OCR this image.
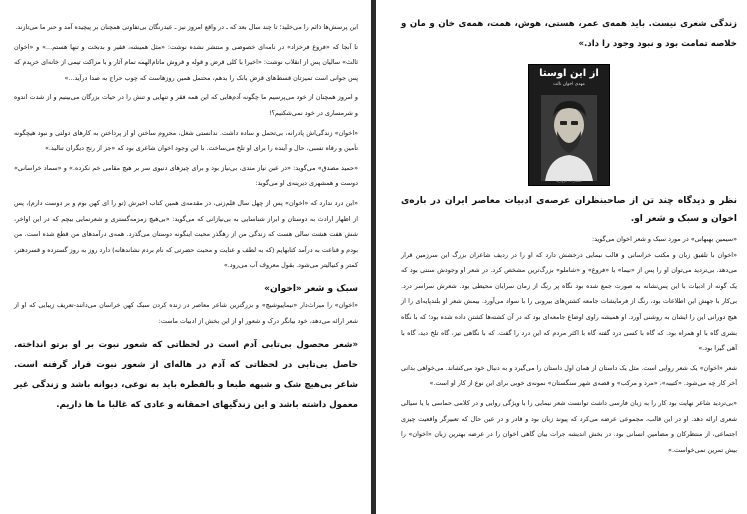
این پرسش‌ها ذائم را می‌خلید؛ تا چند سال بعد که ـ در واقع امروز نیز ـ عیدرنگان بی‌تفاوتی همچنان بر پیچیده آمد و حنر ما می‌تازند.

تا آنجا که «فروغ فرخزاد» در نامه‌ای خصوصی و منتشر نشده نوشت: «مثل همیشه، فقیر و بدبخت و تنها هستم...» و «اخوان ثالث» سالیان پس از انقلاب نوشت: «اخیرا با کلی قرض و قوله و قروش ماتام‌الهمه تمام آثار و با مزاکت تیمی از خانه‌ای خریدم که پس جوانی است تمیز‌تان قسط‌های قرض بانک را بدهم، محتمل همین روزهاست که چوب حراج به صدا درآید...»

و امروز همچنان از خود می‌پرسیم ما چگونه آدم‌هایی که این همه فقر و تنهایی و تنش را در حیات بزرگان می‌بینیم و از شدت اندوه و شرمساری در خود نمی‌شکنیم؟!

«اخوان» زندگی‌اش پادرانه، بی‌تحمل و ساده داشت. ندانستی شغل، محروم ساختن او از پرداختن به کارهای دولتی و نبود هیچگونه تأمین و رفاه نسبی، حال و آینده را برای او تلخ می‌ساخت. با این وجود اخوان شاعری بود که «جز از رنج دیگران تنالید.»

«حمید مصدق» می‌گوید: «در عین نیاز مندی، بی‌نیاز بود و برای چیزهای دنیوی سر بر هیچ مقامی خم نکرده.» و «سماد خراسانی» دوست و همشهری دیرینه‌ی او می‌گوید:

«این درد ندارد که «اخوان» پس از چهل سال قلم‌زنی، در مقدمه‌ی همین کتاب اخیرش (تو را ای کهن بوم و بر دوست دارم)، پس از اظهار ارادت به دوستان و ابراز شناسایی به بی‌نیازانی که می‌گوید: «بی‌هیچ زمزمه‌گستری و شعرنمایی بیچم که در این اواخر، شش هفت هشت سالی هست که زندگی من از رهگذر محبت اینگونه دوستان می‌گذرد. همه‌ی درآمدهای من قطع شده است. من بودم و قناعت به درآمد کتابهایم (که به لطف و عنایت و محبت حضرتی که نام بردم نشاندهانه) دارد روز به روز گسترده و قسردهتر، کمتر و کنیالیتر می‌شود. بقول معروف آب می‌رود.»

سبک و شعر «اخوان»

«اخوان» را میراث‌دار «نیماپیوشیچ» و بزرگترین شاعر معاصر در زنده کردن سبک کهن خراسان می‌دانند-تعریف زیبایی که او از شعر ارائه می‌دهد، خود بیانگر درک و شعور او از این بخش از ادبیات ماست:

«شعر محصول بی‌تابی آدم است در لحظاتی که شعور نبوت بر او برتو انداخته. حاصل بی‌تابی در لحظاتی که آدم در هاله‌ای از شعور نبوت قرار گرفته است. شاعر بی‌هیچ شک و شبهه طبعا و بالفطره باید به نوعی، دیوانه باشد و زندگی غیر معمول داشته باشد و این زندگیهای احمقانه و عادی که غالبا ما ها داریم.

زندگی شعری نیست. باید همه‌ی عمر، هستی، هوش، همت، همه‌ی خان و مان و خلاصه تمامت بود و نبود وجود را داد.»

از این اوستا
مهدی اخوان ثالث
انتشارات مروارید

نظر و دیدگاه چند تن از صاحبنظران عرصه‌ی ادبیات معاصر ایران در باره‌ی اخوان و سبک و شعر او.

«سیمین بهبهانی» در مورد سبک و شعر اخوان می‌گوید:

«اخوان با تلفیق زبان و مکتب خراسانی و قالب نیمایی درخشش دارد که او را در ردیف شاعران بزرگ این سرزمین قرار می‌دهد. بی‌تردید می‌توان او را پس از «نیما» با «فروغ» و «شاملو» بزرگ‌ترین مشخص کرد. در شعر او وجودش سنتی بود که یک گونه از ادبیات با این پس‌نشانه به صورت جمع شده بود نگاه پر رنگ از زمان سرایان محیطی بود. شعرش سراسر درد. بی‌کار با جهش این اطلاعات بود، رنگ از فرمایشات جامعه کشتن‌های بیرونی را با سواد می‌آورد. بیمش شعر او بلندپایه‌ای را از هیچ دورانی این را ایشان به روشنی آورد. او همیشه راوی اوضاع جامعه‌ای بود که در آن کشته‌ها کشتن داده شده بود؛ که با نگاه بشری گاه با او همراه بود. که گاه با کسی درد گفته گاه با اکثر مردم که این درد را گفت. که با نگاهی تیز، گاه تلخ دید، گاه با آهی گیرا بود.»

شعر «اخوان» یک شعر روایی است. مثل یک داستان از همان اول داستان را می‌گیرد و به دنبال خود می‌کشاند. می‌خواهی بدانی آخر کار چه می‌شود. «کتیبه»، «مرد و مرکب» و قصه‌ی شهر سنگستان» نمونه‌ی خوبی برای این نوع از کار او است.»

«بی‌تردید شاعر نهایت بود کار را به زبان فارسی داشت توانست شعر نیمایی را با ویژگی روایی و در کلامی حماسی با یا سیالی شعری ارائه دهد. او در این قالب، مجموعی عرضه می‌کرد که پیوند زبان بود و قادر و در عین حال که تعبیرگر واقعیت چیزی اجتماعی، از منتظرکان و مضامین انسانی بود. در بخش اندیشه جرات بیان گاهی اخوان را در عرضه بهترین زبان «اخوان» را بیش تمرین نمی‌خواست.»
